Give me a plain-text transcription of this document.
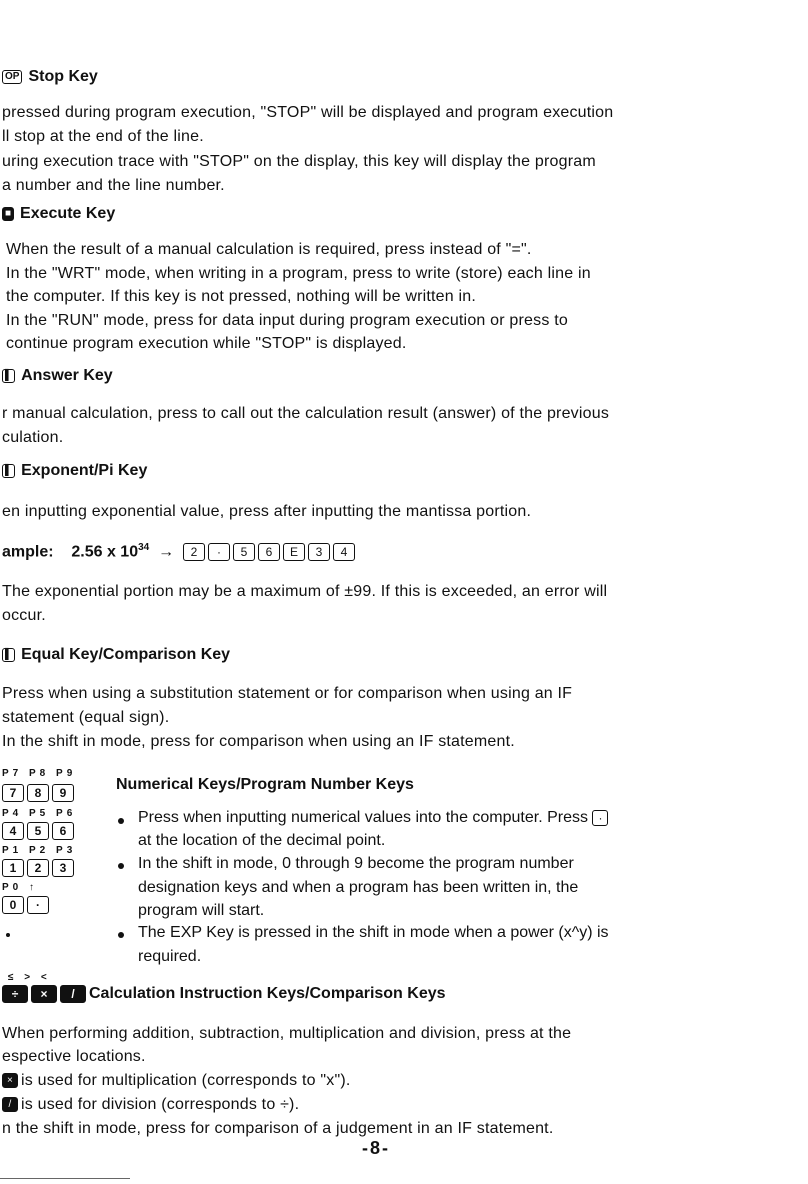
OP Stop Key
pressed during program execution, "STOP" will be displayed and program execution
ll stop at the end of the line.
uring execution trace with "STOP" on the display, this key will display the program
a number and the line number.
■ Execute Key
When the result of a manual calculation is required, press instead of "=".
In the "WRT" mode, when writing in a program, press to write (store) each line in
the computer. If this key is not pressed, nothing will be written in.
In the "RUN" mode, press for data input during program execution or press to
continue program execution while "STOP" is displayed.
▌ Answer Key
r manual calculation, press to call out the calculation result (answer) of the previous
culation.
▌ Exponent/Pi Key
en inputting exponential value, press after inputting the mantissa portion.
ample: 2.56 x $10^{34} \to 2 \cdot 5$ 6 E 3 4
The exponential portion may be a maximum of ±99. If this is exceeded, an error will
occur.
▌ Equal Key/Comparison Key
Press when using a substitution statement or for comparison when using an IF
statement (equal sign).
In the shift in mode, press for comparison when using an IF statement.
P7 P8 P9
7 8 9
P4 P5 P6
4 5 6
P1 P2 P3
1 2 3
P0 ↑
0 ·
Numerical Keys/Program Number Keys
Press when inputting numerical values into the computer. Press ·
at the location of the decimal point.
In the shift in mode, 0 through 9 become the program number
designation keys and when a program has been written in, the
program will start.
The EXP Key is pressed in the shift in mode when a power (x^y) is
required.
≤ > <
÷ × / Calculation Instruction Keys/Comparison Keys
When performing addition, subtraction, multiplication and division, press at the
espective locations.
× is used for multiplication (corresponds to "x").
/ is used for division (corresponds to ÷).
n the shift in mode, press for comparison of a judgement in an IF statement.
-8-
